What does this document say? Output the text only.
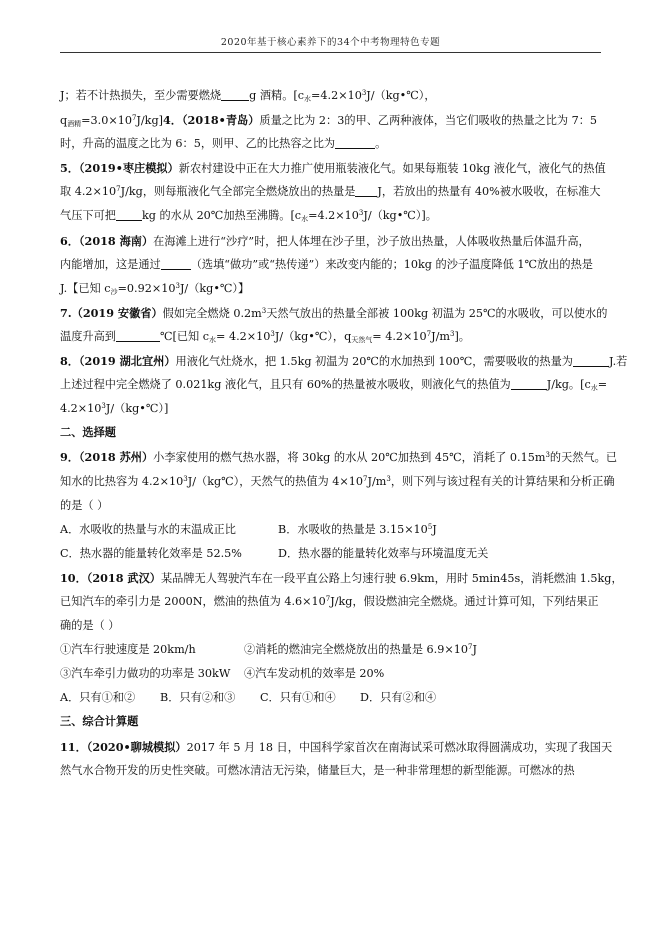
2020年基于核心素养下的34个中考物理特色专题
J；若不计热损失，至少需要燃烧	g 酒精。[$c_水=4.2\times 10^3J/(kg•℃)$，
$q_{酒精}=3.0\times 10^7J/kg]4$．（2018•青岛）质量之比为 2：3的甲、乙两种液体，当它们吸收的热量之比为 7：5
时，升高的温度之比为 6：5，则甲、乙的比热容之比为	。
5．（2019•枣庄模拟）新农村建设中正在大力推广使用瓶装液化气。如果每瓶装 10kg 液化气，液化气的热值
取 $4.2\times 10^7J/kg$，则每瓶液化气全部完全燃烧放出的热量是 J，若放出的热量有 40%被水吸收，在标准大
气压下可把 kg 的水从 20℃加热至沸腾。$[c_水=4.2\times 10^3J/(kg•℃)]$。
6．（2018 海南）在海滩上进行“沙疗”时，把人体埋在沙子里，沙子放出热量，人体吸收热量后体温升高，
内能增加，这是通过	（选填“做功”或“热传递”）来改变内能的；10kg 的沙子温度降低 1℃放出的热是
J.【已知 $c_沙=0.92\times 10^3J/(kg•℃)$】
7.（2019 安徽省）假如完全燃烧 $0.2m^3$天然气放出的热量全部被 100kg 初温为 25℃的水吸收，可以使水的
温度升高到	℃[已知 $c_水=$ $4.2\times 10^3J/(kg•℃)$，$q_{天然气}= 4.2\times 10^7J/m^3$]。
8．（2019 湖北宜州）用液化气灶烧水，把 1.5kg 初温为 20℃的水加热到 100℃，需要吸收的热量为	J.若
上述过程中完全燃烧了 0.021kg 液化气，且只有 60%的热量被水吸收，则液化气的热值为	J/kg。[$c_水=$
$4.2\times 10^3J/(kg•℃)$]
二、选择题
9．（2018 苏州）小李家使用的燃气热水器，将 30kg 的水从 20℃加热到 45℃，消耗了 $0.15m^3$的天然气。已
知水的比热容为 $4.2\times 10^3J/(kg℃)$，天然气的热值为 $4\times 10^7J/m^3$，则下列与该过程有关的计算结果和分析正确
的是（ ）
A．水吸收的热量与水的末温成正比	B．水吸收的热量是 $3.15\times 10^5J$
C．热水器的能量转化效率是 52.5%	D．热水器的能量转化效率与环境温度无关
10．（2018 武汉）某品牌无人驾驶汽车在一段平直公路上匀速行驶 6.9km，用时 5min45s，消耗燃油 1.5kg，
已知汽车的牵引力是 2000N，燃油的热值为 $4.6\times 10^7J/kg$，假设燃油完全燃烧。通过计算可知，下列结果正
确的是（ ）
①汽车行驶速度是 20km/h	②消耗的燃油完全燃烧放出的热量是 $6.9\times 10^7J$
③汽车牵引力做功的功率是 30kW ④汽车发动机的效率是 20%
A．只有①和② B．只有②和③ C．只有①和④ D．只有②和④
三、综合计算题
11．（2020•聊城模拟）2017 年 5 月 18 日，中国科学家首次在南海试采可燃冰取得圆满成功，实现了我国天
然气水合物开发的历史性突破。可燃冰清洁无污染，储量巨大，是一种非常理想的新型能源。可燃冰的热
